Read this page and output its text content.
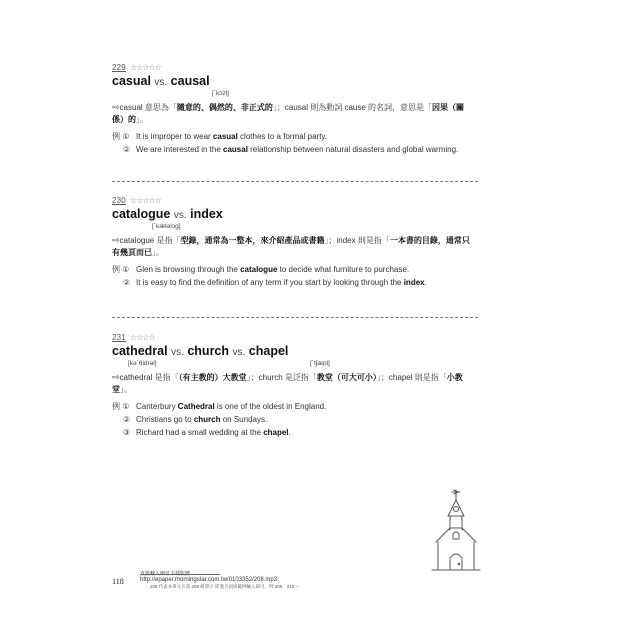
229 ☆☆☆☆☆
casual vs. causal
[ˋkɔzḷ]
⇨casual 意思為「隨意的、偶然的、非正式的」；causal 則為動詞 cause 的名詞，意思是「因果（關係）的」。
例 ① It is improper to wear casual clothes to a formal party.
② We are interested in the causal relationship between natural disasters and global warming.
230 ☆☆☆☆☆
catalogue vs. index
[ˋkætəlɔg]
⇨catalogue 是指「型錄，通常為一整本，來介紹產品或書籍」；index 則是指「一本書的目錄，通常只有幾頁而已」。
例 ① Glen is browsing through the catalogue to decide what furniture to purchase.
② It is easy to find the definition of any term if you start by looking through the index.
231 ☆☆☆☆
cathedral vs. church vs. chapel
[kəˋθidrəl]	[ˋtʃæpḷ]
⇨cathedral 是指「（有主教的）大教堂」；church 是泛指「教堂（可大可小）」；chapel 則是指「小教堂」。
例 ① Canterbury Cathedral is one of the oldest in England.
② Christians go to church on Sundays.
③ Richard had a small wedding at the chapel.
直接輸入網址下載收聽
118	http://epaper.morningstar.com.tw/0103352/208.mp3
208 代表本單元在第 208 組單字 即適合詞組範例輸入即可，例 209，210⋯
